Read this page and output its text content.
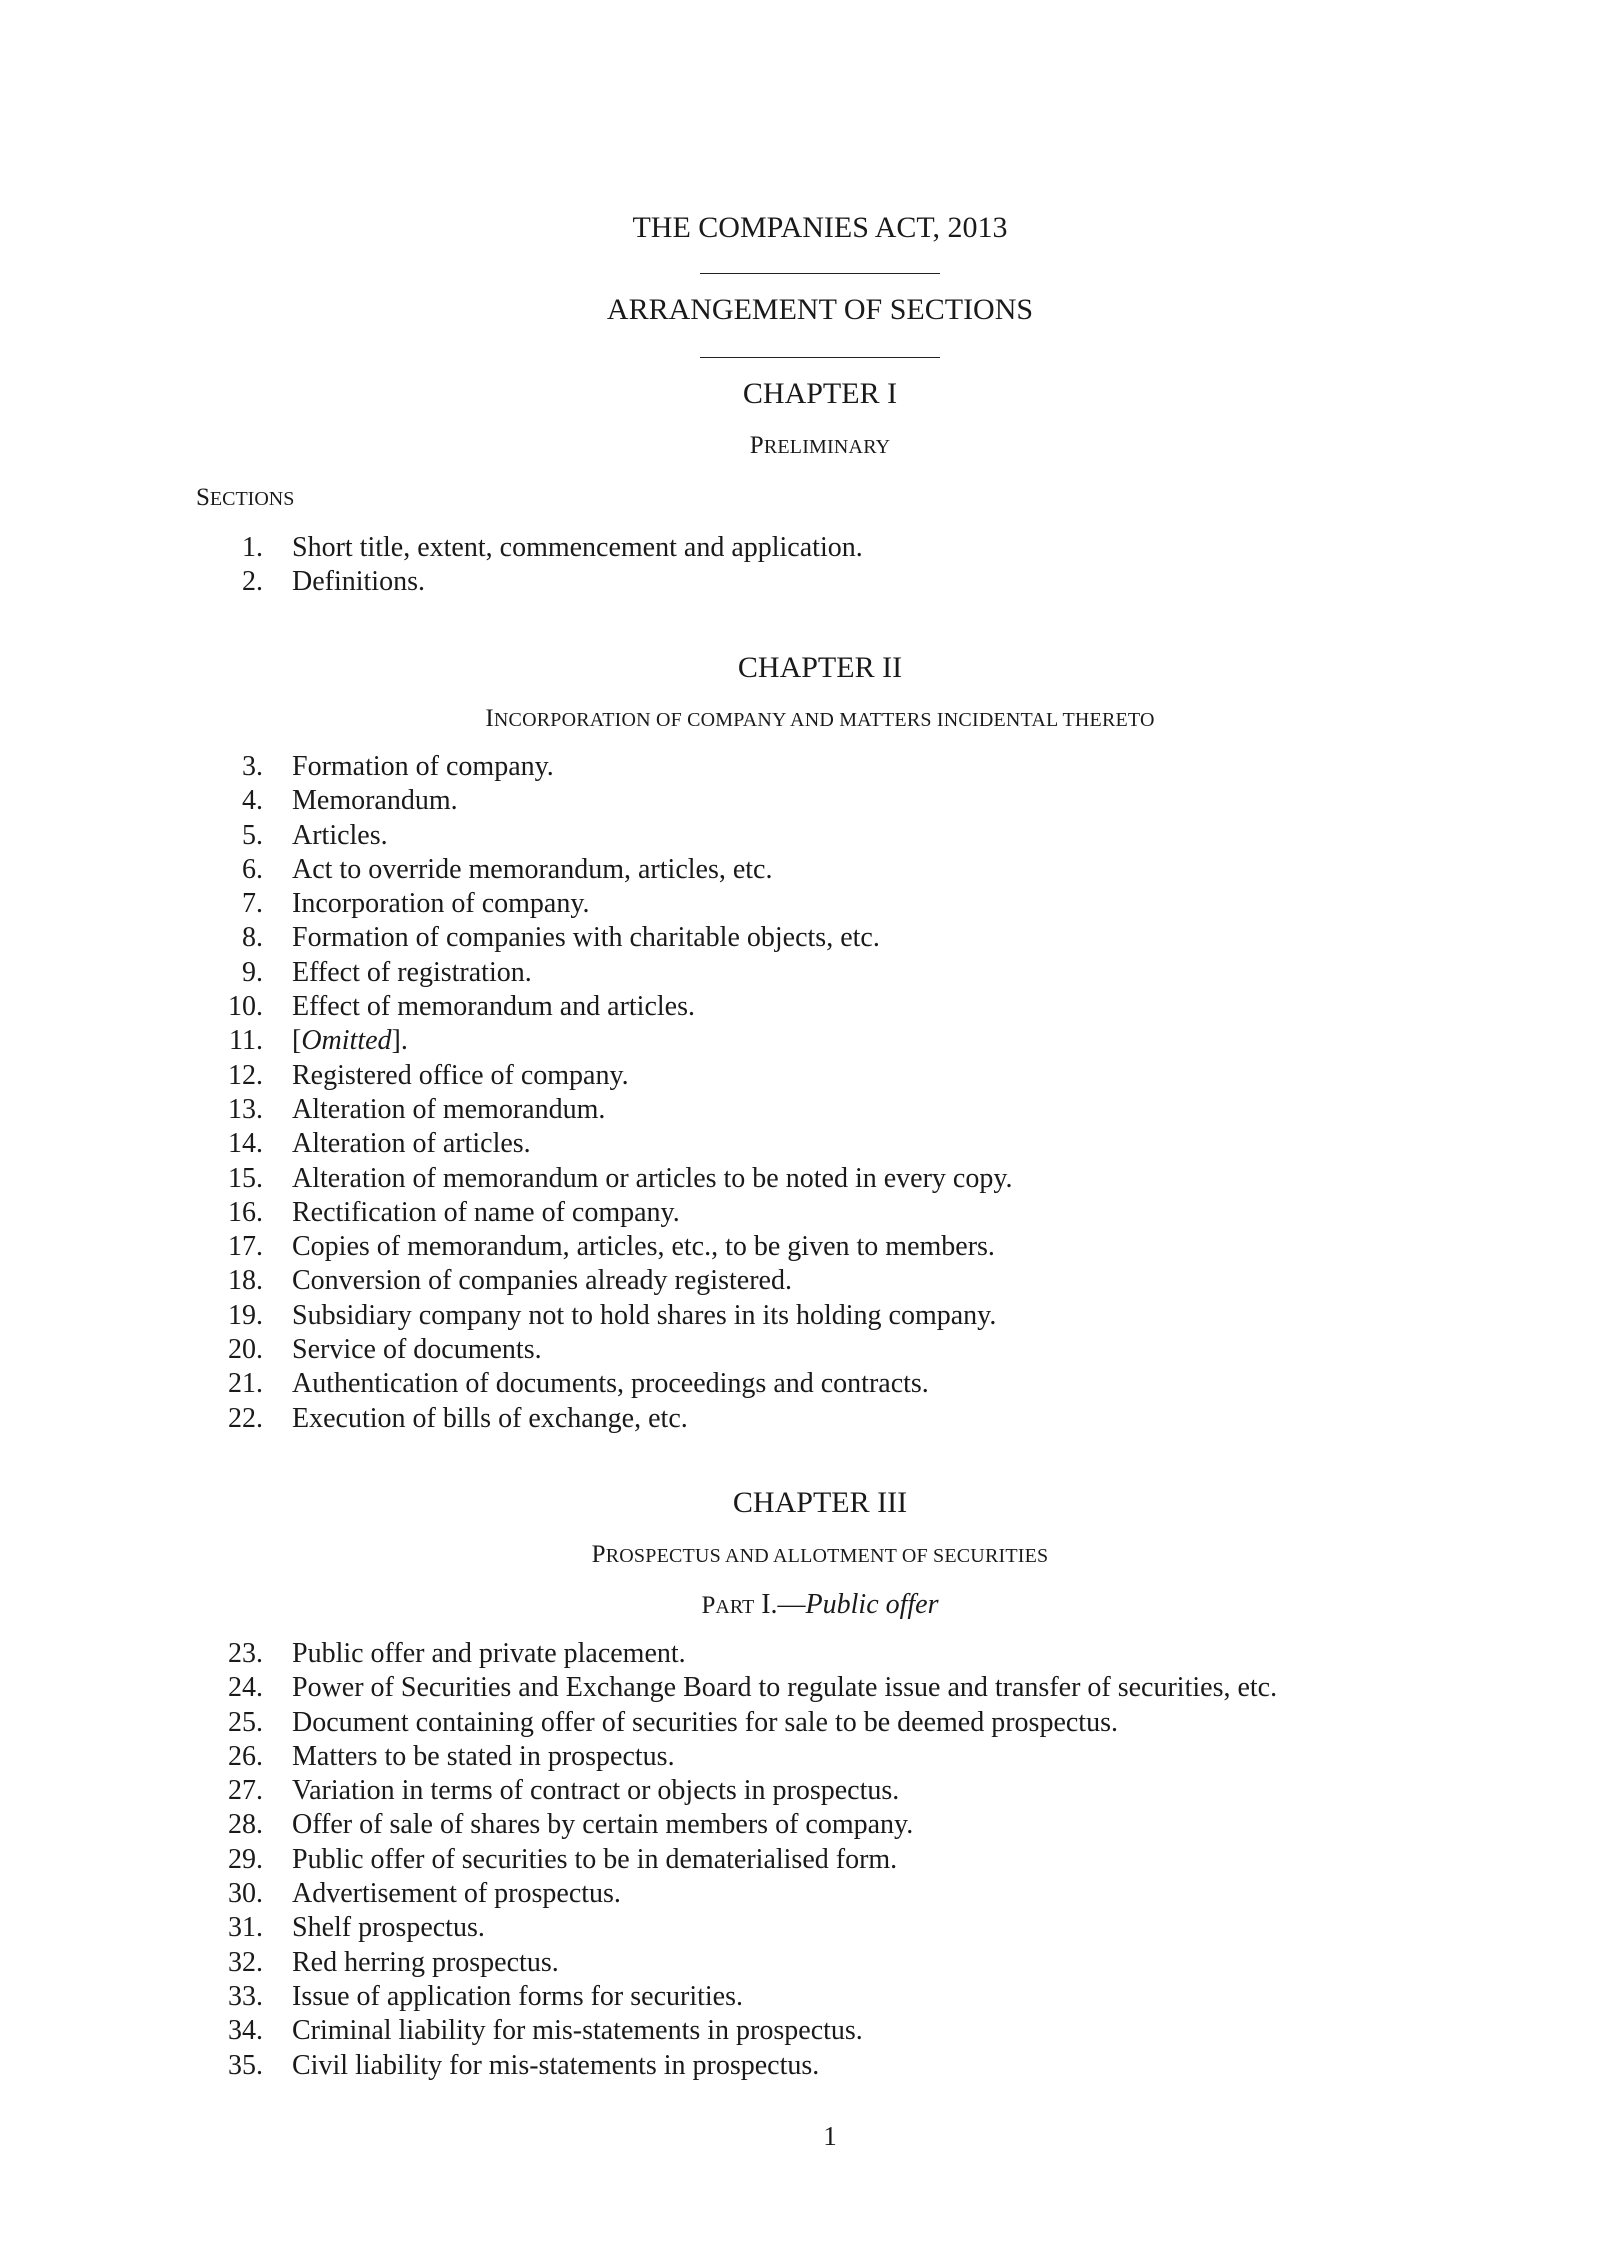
THE COMPANIES ACT, 2013
ARRANGEMENT OF SECTIONS
CHAPTER I
PRELIMINARY
SECTIONS
1. Short title, extent, commencement and application.
2. Definitions.
CHAPTER II
INCORPORATION OF COMPANY AND MATTERS INCIDENTAL THERETO
3. Formation of company.
4. Memorandum.
5. Articles.
6. Act to override memorandum, articles, etc.
7. Incorporation of company.
8. Formation of companies with charitable objects, etc.
9. Effect of registration.
10. Effect of memorandum and articles.
11. [Omitted].
12. Registered office of company.
13. Alteration of memorandum.
14. Alteration of articles.
15. Alteration of memorandum or articles to be noted in every copy.
16. Rectification of name of company.
17. Copies of memorandum, articles, etc., to be given to members.
18. Conversion of companies already registered.
19. Subsidiary company not to hold shares in its holding company.
20. Service of documents.
21. Authentication of documents, proceedings and contracts.
22. Execution of bills of exchange, etc.
CHAPTER III
PROSPECTUS AND ALLOTMENT OF SECURITIES
PART I.—Public offer
23. Public offer and private placement.
24. Power of Securities and Exchange Board to regulate issue and transfer of securities, etc.
25. Document containing offer of securities for sale to be deemed prospectus.
26. Matters to be stated in prospectus.
27. Variation in terms of contract or objects in prospectus.
28. Offer of sale of shares by certain members of company.
29. Public offer of securities to be in dematerialised form.
30. Advertisement of prospectus.
31. Shelf prospectus.
32. Red herring prospectus.
33. Issue of application forms for securities.
34. Criminal liability for mis-statements in prospectus.
35. Civil liability for mis-statements in prospectus.
1
